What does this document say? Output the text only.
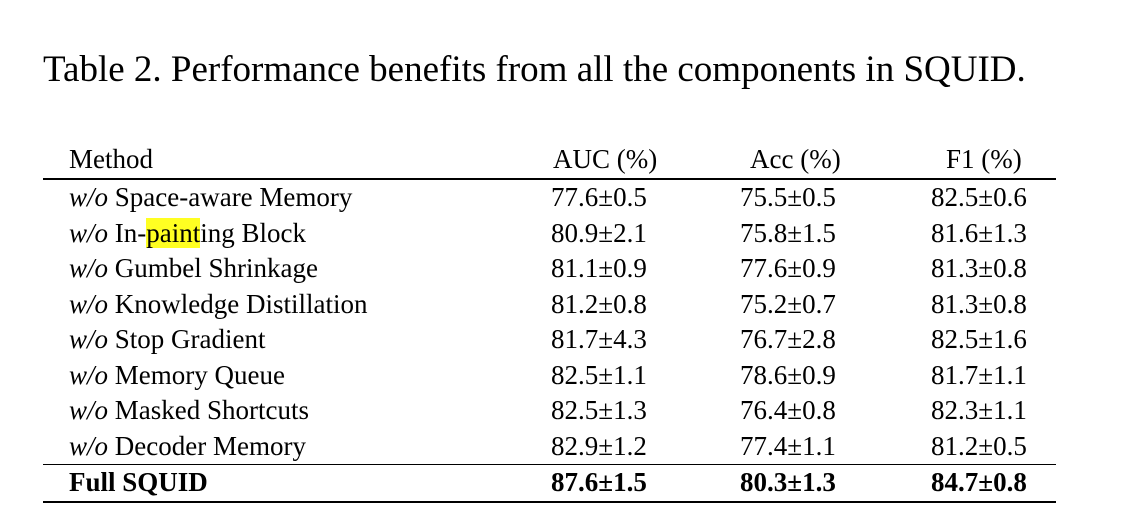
Table 2. Performance benefits from all the components in SQUID.
Method	AUC (%)	Acc (%)	F1 (%)
w/o Space-aware Memory	77.6±0.5	75.5±0.5	82.5±0.6
w/o In-painting Block	80.9±2.1	75.8±1.5	81.6±1.3
w/o Gumbel Shrinkage	81.1±0.9	77.6±0.9	81.3±0.8
w/o Knowledge Distillation	81.2±0.8	75.2±0.7	81.3±0.8
w/o Stop Gradient	81.7±4.3	76.7±2.8	82.5±1.6
w/o Memory Queue	82.5±1.1	78.6±0.9	81.7±1.1
w/o Masked Shortcuts	82.5±1.3	76.4±0.8	82.3±1.1
w/o Decoder Memory	82.9±1.2	77.4±1.1	81.2±0.5
Full SQUID	87.6±1.5	80.3±1.3	84.7±0.8
